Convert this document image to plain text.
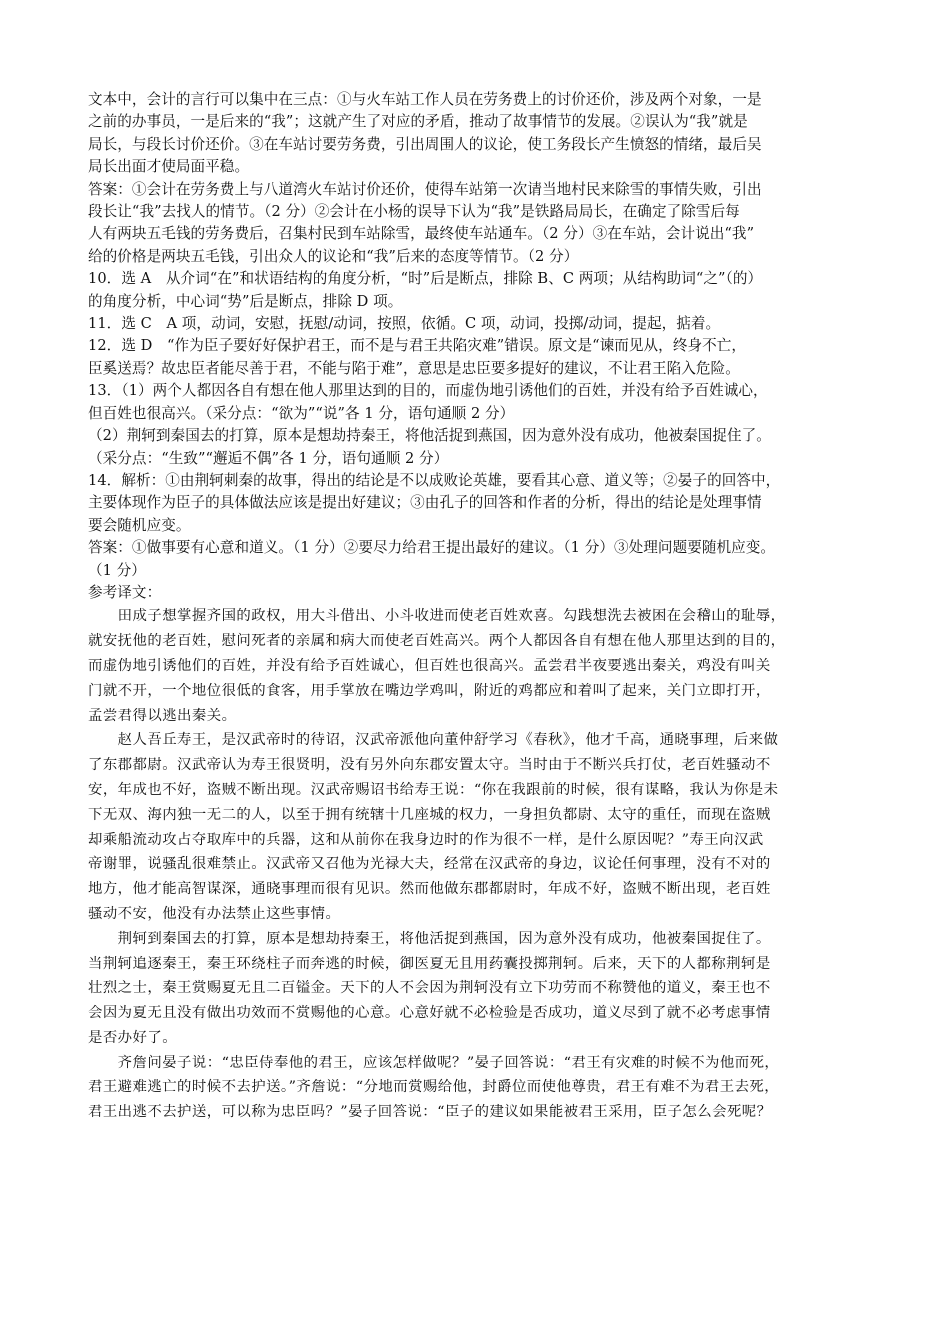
文本中，会计的言行可以集中在三点：①与火车站工作人员在劳务费上的讨价还价，涉及两个对象，一是
之前的办事员，一是后来的“我”；这就产生了对应的矛盾，推动了故事情节的发展。②误认为“我”就是
局长，与段长讨价还价。③在车站讨要劳务费，引出周围人的议论，使工务段长产生愤怒的情绪，最后吴
局长出面才使局面平稳。
答案：①会计在劳务费上与八道湾火车站讨价还价，使得车站第一次请当地村民来除雪的事情失败，引出
段长让“我”去找人的情节。（2 分）②会计在小杨的误导下认为“我”是铁路局局长，在确定了除雪后每
人有两块五毛钱的劳务费后，召集村民到车站除雪，最终使车站通车。（2 分）③在车站，会计说出“我”
给的价格是两块五毛钱，引出众人的议论和“我”后来的态度等情节。（2 分）
10．选 A　从介词“在”和状语结构的角度分析，“时”后是断点，排除 B、C 两项；从结构助词“之”（的）
的角度分析，中心词“势”后是断点，排除 D 项。
11．选 C　A 项，动词，安慰，抚慰/动词，按照，依循。C 项，动词，投掷/动词，提起，掂着。
12．选 D　“作为臣子要好好保护君王，而不是与君王共陷灾难”错误。原文是“谏而见从，终身不亡，
臣奚送焉？故忠臣者能尽善于君，不能与陷于难”，意思是忠臣要多提好的建议，不让君王陷入危险。
13．（1）两个人都因各自有想在他人那里达到的目的，而虚伪地引诱他们的百姓，并没有给予百姓诚心，
但百姓也很高兴。（采分点：“欲为”“说”各 1 分，语句通顺 2 分）
（2）荆轲到秦国去的打算，原本是想劫持秦王，将他活捉到燕国，因为意外没有成功，他被秦国捉住了。
（采分点：“生致”“邂逅不偶”各 1 分，语句通顺 2 分）
14．解析：①由荆轲刺秦的故事，得出的结论是不以成败论英雄，要看其心意、道义等；②晏子的回答中，
主要体现作为臣子的具体做法应该是提出好建议；③由孔子的回答和作者的分析，得出的结论是处理事情
要会随机应变。
答案：①做事要有心意和道义。（1 分）②要尽力给君王提出最好的建议。（1 分）③处理问题要随机应变。
（1 分）
参考译文：
　　田成子想掌握齐国的政权，用大斗借出、小斗收进而使老百姓欢喜。勾践想洗去被困在会稽山的耻辱，
就安抚他的老百姓，慰问死者的亲属和病大而使老百姓高兴。两个人都因各自有想在他人那里达到的目的，
而虚伪地引诱他们的百姓，并没有给予百姓诚心，但百姓也很高兴。孟尝君半夜要逃出秦关，鸡没有叫关
门就不开，一个地位很低的食客，用手掌放在嘴边学鸡叫，附近的鸡都应和着叫了起来，关门立即打开，
孟尝君得以逃出秦关。
　　赵人吾丘寿王，是汉武帝时的待诏，汉武帝派他向董仲舒学习《春秋》，他才千高，通晓事理，后来做
了东郡都尉。汉武帝认为寿王很贤明，没有另外向东郡安置太守。当时由于不断兴兵打仗，老百姓骚动不
安，年成也不好，盗贼不断出现。汉武帝赐诏书给寿王说：“你在我跟前的时候，很有谋略，我认为你是未
下无双、海内独一无二的人，以至于拥有统辖十几座城的权力，一身担负都尉、太守的重任，而现在盗贼
却乘船流动攻占夺取库中的兵器，这和从前你在我身边时的作为很不一样，是什么原因呢？”寿王向汉武
帝谢罪，说骚乱很难禁止。汉武帝又召他为光禄大夫，经常在汉武帝的身边，议论任何事理，没有不对的
地方，他才能高智谋深，通晓事理而很有见识。然而他做东郡都尉时，年成不好，盗贼不断出现，老百姓
骚动不安，他没有办法禁止这些事情。
　　荆轲到秦国去的打算，原本是想劫持秦王，将他活捉到燕国，因为意外没有成功，他被秦国捉住了。
当荆轲追逐秦王，秦王环绕柱子而奔逃的时候，御医夏无且用药囊投掷荆轲。后来，天下的人都称荆轲是
壮烈之士，秦王赏赐夏无且二百镒金。天下的人不会因为荆轲没有立下功劳而不称赞他的道义，秦王也不
会因为夏无且没有做出功效而不赏赐他的心意。心意好就不必检验是否成功，道义尽到了就不必考虑事情
是否办好了。
　　齐詹问晏子说：“忠臣侍奉他的君王，应该怎样做呢？”晏子回答说：“君王有灾难的时候不为他而死，
君王避难逃亡的时候不去护送。”齐詹说：“分地而赏赐给他，封爵位而使他尊贵，君王有难不为君王去死，
君王出逃不去护送，可以称为忠臣吗？”晏子回答说：“臣子的建议如果能被君王采用，臣子怎么会死呢？
